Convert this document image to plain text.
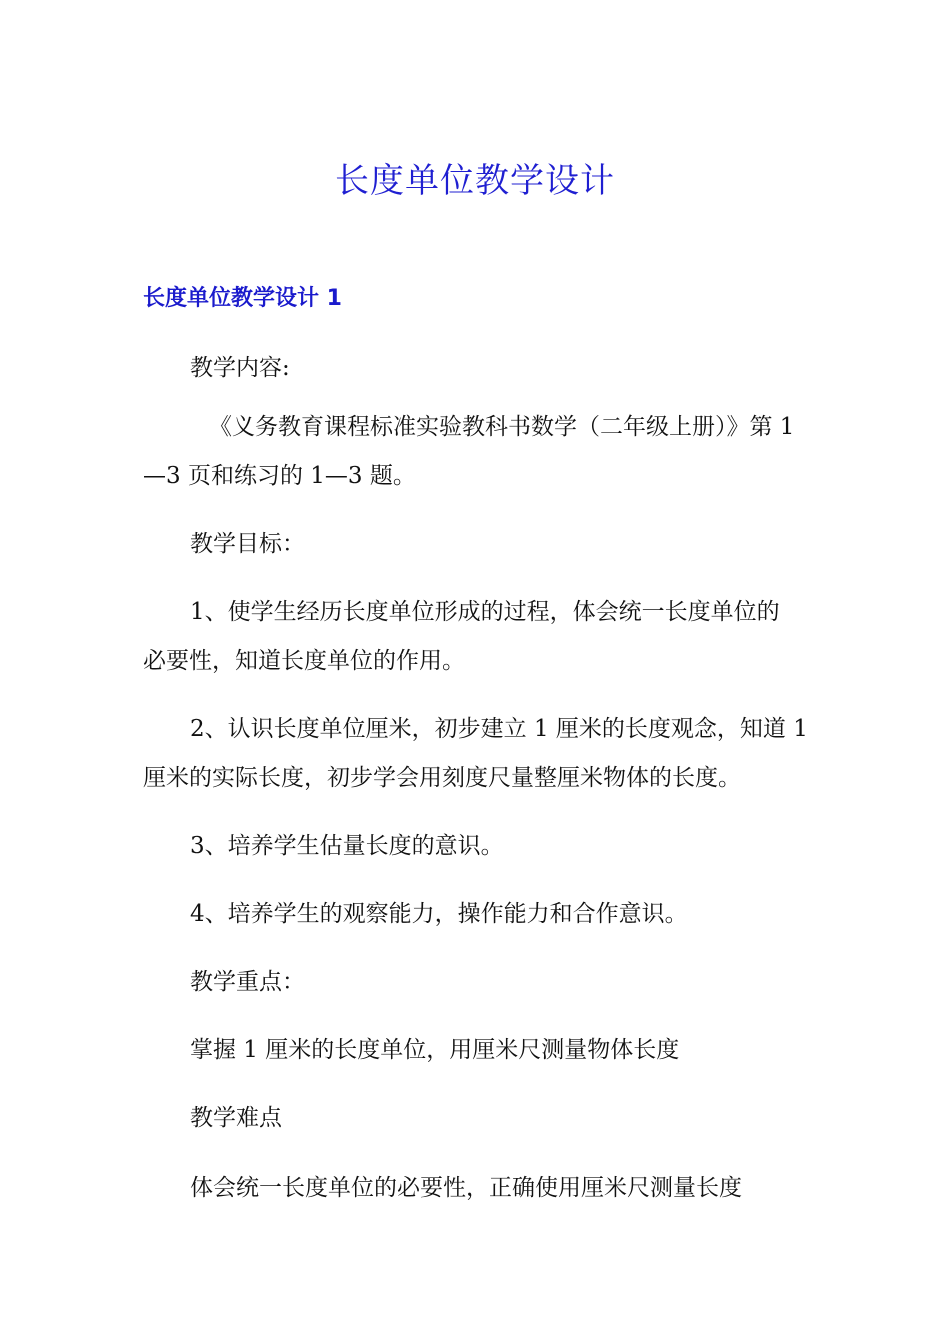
长度单位教学设计
长度单位教学设计 1

教学内容:

《义务教育课程标准实验教科书数学（二年级上册）》第 1

—3 页和练习的 1—3 题。

教学目标：

1、使学生经历长度单位形成的过程，体会统一长度单位的

必要性，知道长度单位的作用。

2、认识长度单位厘米，初步建立 1 厘米的长度观念，知道 1

厘米的实际长度，初步学会用刻度尺量整厘米物体的长度。

3、培养学生估量长度的意识。

4、培养学生的观察能力，操作能力和合作意识。

教学重点：

掌握 1 厘米的长度单位，用厘米尺测量物体长度

教学难点

体会统一长度单位的必要性，正确使用厘米尺测量长度
